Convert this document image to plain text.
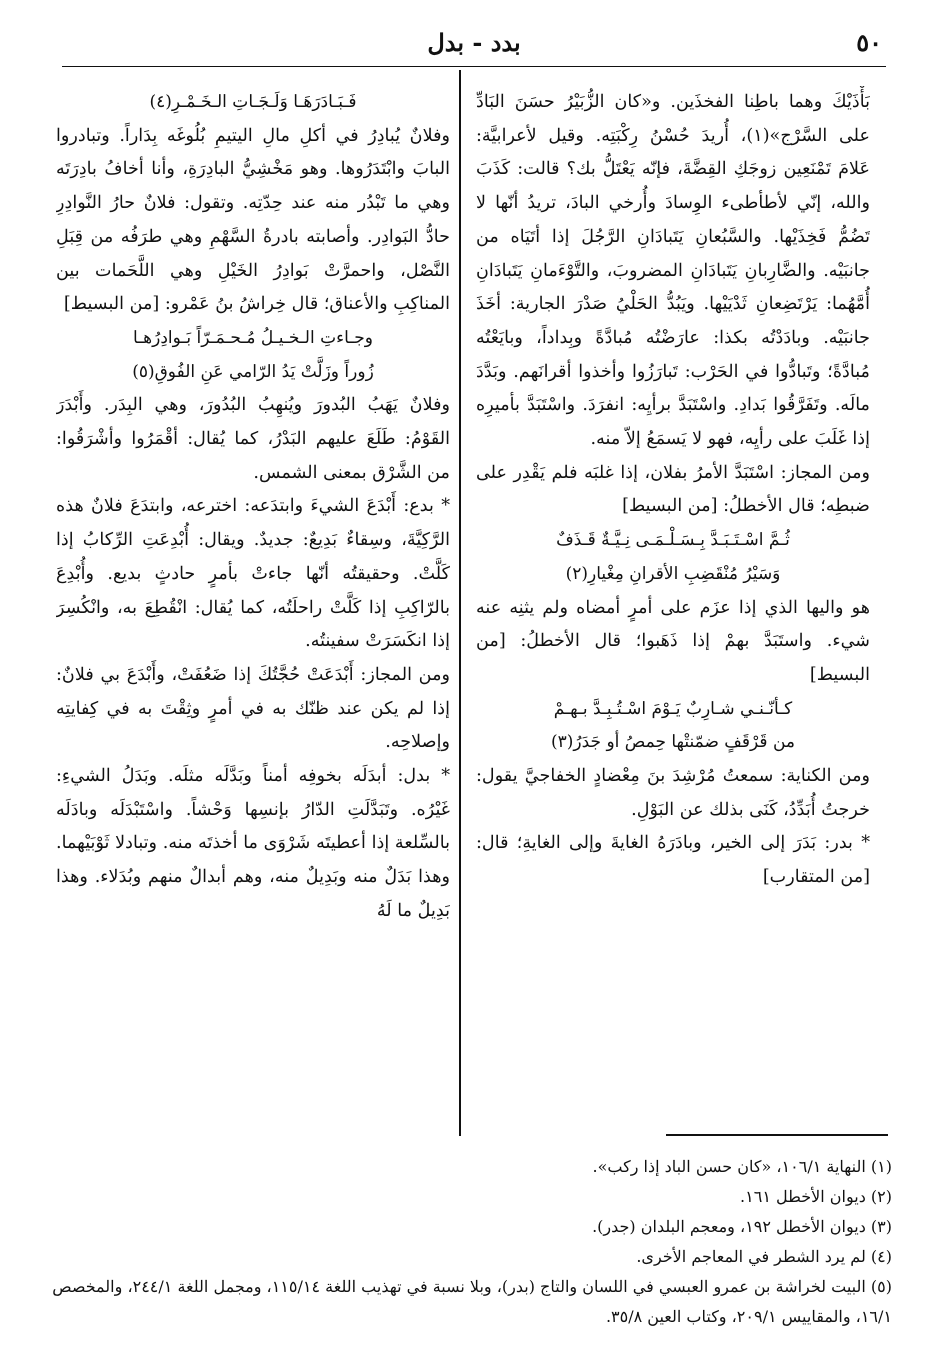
٥٠
بدد - بدل

بَأْذَيْكَ وهما باطِنا الفخذَين. و«كان الزُّبَيْرُ حسَنَ البَادِّ على السَّرْج»(١)، أُريدَ حُسْنُ رِكْبَتِه. وقيل لأعرابيَّة: عَلامَ تَمْنَعِين زوجَكِ القِضَّةَ، فإنّه يَعْتَلُّ بك؟ قالت: كَذَبَ والله، إنّي لأطأطىء الوِسادَ وأُرخي البادَ، تريدُ أنّها لا تَضُمُّ فَخِذَيْها. والسَّبُعانِ يَتَبادَانِ الرَّجُلَ إذا أتَيَاه من جانبَيْه. والضَّارِبانِ يَتَبادَانِ المضروبَ، والتَّوْءَمانِ يَتَبادَانِ أُمَّهُما: يَرْتَضِعانِ ثَدْيَيْها. ويَبُدُّ الحَلْيُ صَدْرَ الجارية: أخَذَ جانبَيْه. وبادَدْتُه بكذا: عارَضْتُه مُبادَّةً وبِداداً، وبايَعْتُه مُبادَّةً؛ وتَبادُّوا في الحَرْب: تَبارَزُوا وأخذوا أقرانَهم. وبَدَّدَ مالَه. وتَفَرَّقُوا بَدادِ. واسْتَبَدَّ برأيِه: انفرَدَ. واسْتَبَدَّ بأميرِه إذا غَلَبَ على رأيِه، فهو لا يَسمَعُ إلاّ منه.

ومن المجاز: اسْتَبَدَّ الأمرُ بفلان، إذا غلبَه فلم يَقْدِر على ضبطِه؛ قال الأخطلُ: [من البسيط]

ثُـمَّ اسْـتَـبَـدَّ بِـسَـلْـمَـى نِـيَّـةٌ قَـذَفٌ

وَسَيْرُ مُنْقَضِبِ الأقرانِ مِغْيارِ(٢)

هو واليها الذي إذا عزَم على أمرٍ أمضاه ولم يثنِه عنه شيء. واستَبَدَّ بهمْ إذا ذَهَبوا؛ قال الأخطلُ: [من البسيط]

كـأنّـنـي شـارِبٌ يَـوْمَ اسْـتُـبِـدَّ بـهـمْ

من قَرْقَفٍ ضمّنتْها حِمصُ أو جَدَرُ(٣)

ومن الكناية: سمعتُ مُرْشِدَ بنَ مِعْضادٍ الخفاجيَّ يقول: خرجتُ أُبَدِّدُ، كَنَى بذلك عن البَوْلِ.

* بدر: بَدَرَ إلى الخير، وبادَرَهُ الغايةَ وإلى الغايةِ؛ قال: [من المتقارب]

فَـبَـادَرَهَـا وَلَـجَـاتِ الـخَـمْـرِ(٤)

وفلانٌ يُبادِرُ في أكلِ مالِ اليتيمِ بُلُوغَه بِدَاراً. وتبادروا البابَ وابْتَدَرُوها. وهو مَخْشِيُّ البادِرَةِ، وأنا أخافُ بادِرَتَه وهي ما تَبْدُر منه عند حِدّتِه. وتقول: فلانٌ حارُ النَّوادِرِ حادُّ البَوادِر. وأصابته بادرةُ السَّهْمِ وهي طرَفُه من قِبَلِ النَّصْل، واحمرَّتْ بَوادِرُ الخَيْلِ وهي اللَّحَمات بين المناكِبِ والأعناق؛ قال خِراشُ بنُ عَمْرو: [من البسيط]

وجـاءتِ الـخـيـلُ مُـحـمَـرّاً بَـوادِرُهـا

زُوراً وزَلَّتْ يَدُ الرّامي عَنِ الفُوقِ(٥)

وفلانٌ يَهَبُ البُدورَ ويُنهِبُ البُدُورَ، وهي البِدَر. وأَبْدَرَ القَوْمُ: طَلَعَ عليهم البَدْرُ، كما يُقال: أقْمَرُوا وأشْرَقُوا: من الشَّرْق بمعنى الشمس.

* بدع: أَبْدَعَ الشيءَ وابتدَعه: اخترعه، وابتدَعَ فلانٌ هذه الرَّكِيَّةَ، وسِقاءٌ بَدِيعٌ: جديدٌ. ويقال: أُبْدِعَتِ الرِّكابُ إذا كَلَّتْ. وحقيقتُه أنّها جاءتْ بأمرٍ حادثٍ بديع. وأُبْدِعَ بالرّاكِبِ إذا كَلَّتْ راحلَتُه، كما يُقال: انْقُطِعَ به، وانْكُسِرَ إذا انكَسَرَتْ سفينتُه.

ومن المجاز: أَبْدَعَتْ حُجَّتُكَ إذا ضَعُفَتْ، وأَبْدَعَ بي فلانٌ: إذا لم يكن عند ظنّك به في أمرٍ وثِقْتَ به في كِفايتِه وإصلاحِه.

* بدل: أبدَلَه بخوفِه أمناً وبَدَّلَه مثلَه. وبَدَلُ الشيءِ: غَيْرُه. وتَبَدَّلَتِ الدّارُ بإنسِها وَحْشاً. واسْتَبْدَلَه وبادَلَه بالسِّلعة إذا أعطيتَه شَرْوَى ما أخذتَه منه. وتبادلا ثَوْبَيْهما. وهذا بَدَلٌ منه وبَدِيلٌ منه، وهم أبدالٌ منهم وبُدَلاء. وهذا بَدِيلٌ ما لَهُ

(١) النهاية ١٠٦/١، «كان حسن الباد إذا ركب».

(٢) ديوان الأخطل ١٦١.

(٣) ديوان الأخطل ١٩٢، ومعجم البلدان (جدر).

(٤) لم يرد الشطر في المعاجم الأخرى.

(٥) البيت لخراشة بن عمرو العبسي في اللسان والتاج (بدر)، وبلا نسبة في تهذيب اللغة ١١٥/١٤، ومجمل اللغة ٢٤٤/١، والمخصص ١٦/١، والمقاييس ٢٠٩/١، وكتاب العين ٣٥/٨.
